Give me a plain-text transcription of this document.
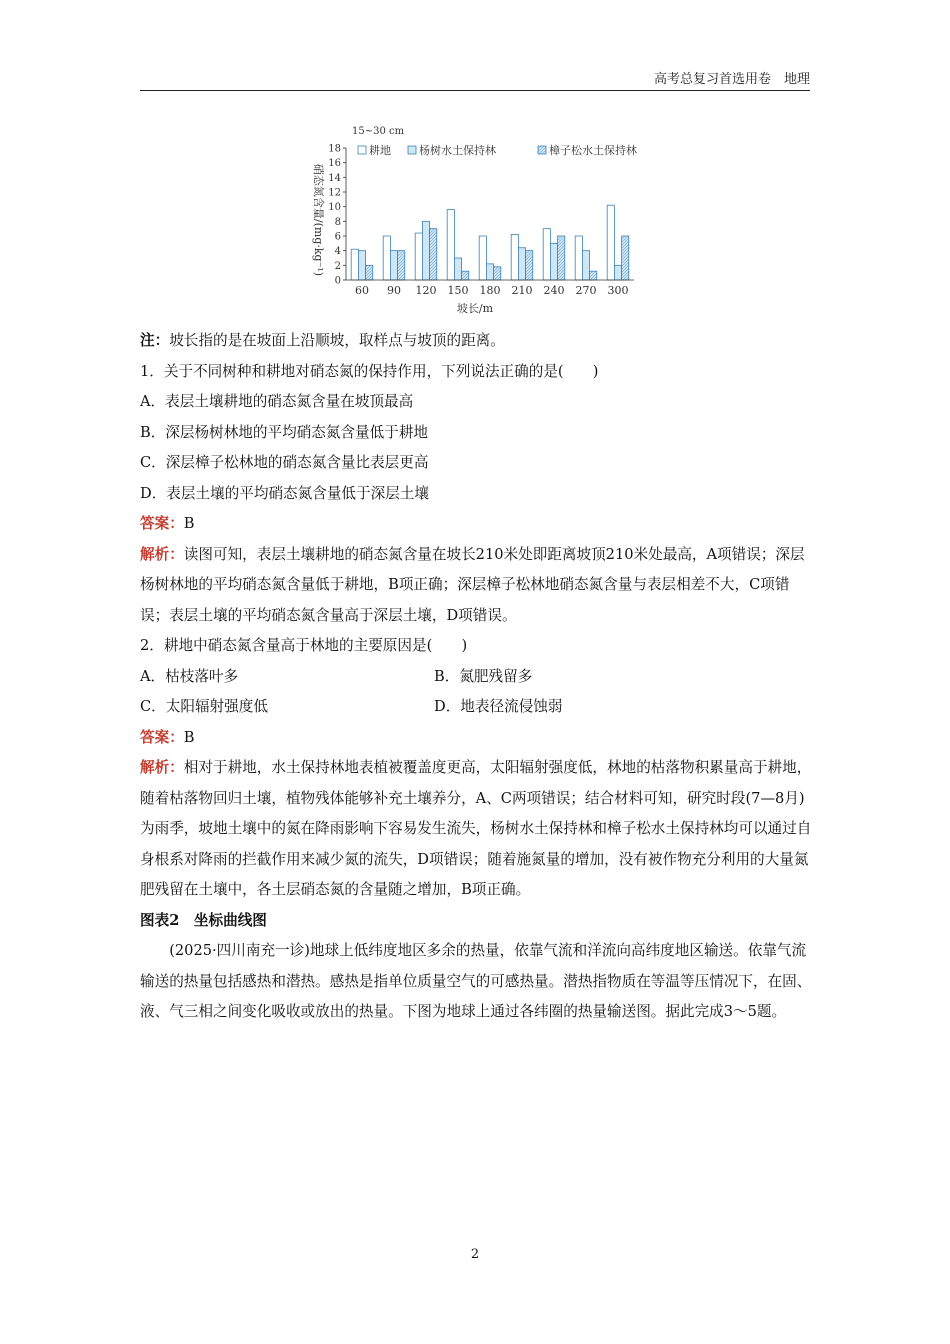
高考总复习首选用卷　地理
15~30 cm
耕地	杨树水土保持林	樟子松水土保持林
0
2
4
6
8
10
12
14
16
18
60 90 120 150 180 210 240 270 300
硝态氮含量/(mg·kg⁻¹)
坡长/m

注：坡长指的是在坡面上沿顺坡，取样点与坡顶的距离。

1．关于不同树种和耕地对硝态氮的保持作用，下列说法正确的是(　　)

A．表层土壤耕地的硝态氮含量在坡顶最高

B．深层杨树林地的平均硝态氮含量低于耕地

C．深层樟子松林地的硝态氮含量比表层更高

D．表层土壤的平均硝态氮含量低于深层土壤

答案：B

解析：读图可知，表层土壤耕地的硝态氮含量在坡长210米处即距离坡顶210米处最高，A项错误；深层杨树林地的平均硝态氮含量低于耕地，B项正确；深层樟子松林地硝态氮含量与表层相差不大，C项错误；表层土壤的平均硝态氮含量高于深层土壤，D项错误。

2．耕地中硝态氮含量高于林地的主要原因是(　　)

A．枯枝落叶多	B．氮肥残留多
C．太阳辐射强度低	D．地表径流侵蚀弱

答案：B

解析：相对于耕地，水土保持林地表植被覆盖度更高，太阳辐射强度低，林地的枯落物积累量高于耕地，随着枯落物回归土壤，植物残体能够补充土壤养分，A、C两项错误；结合材料可知，研究时段(7—8月)为雨季，坡地土壤中的氮在降雨影响下容易发生流失，杨树水土保持林和樟子松水土保持林均可以通过自身根系对降雨的拦截作用来减少氮的流失，D项错误；随着施氮量的增加，没有被作物充分利用的大量氮肥残留在土壤中，各土层硝态氮的含量随之增加，B项正确。

图表2　坐标曲线图

(2025·四川南充一诊)地球上低纬度地区多余的热量，依靠气流和洋流向高纬度地区输送。依靠气流输送的热量包括感热和潜热。感热是指单位质量空气的可感热量。潜热指物质在等温等压情况下，在固、液、气三相之间变化吸收或放出的热量。下图为地球上通过各纬圈的热量输送图。据此完成3～5题。

2
